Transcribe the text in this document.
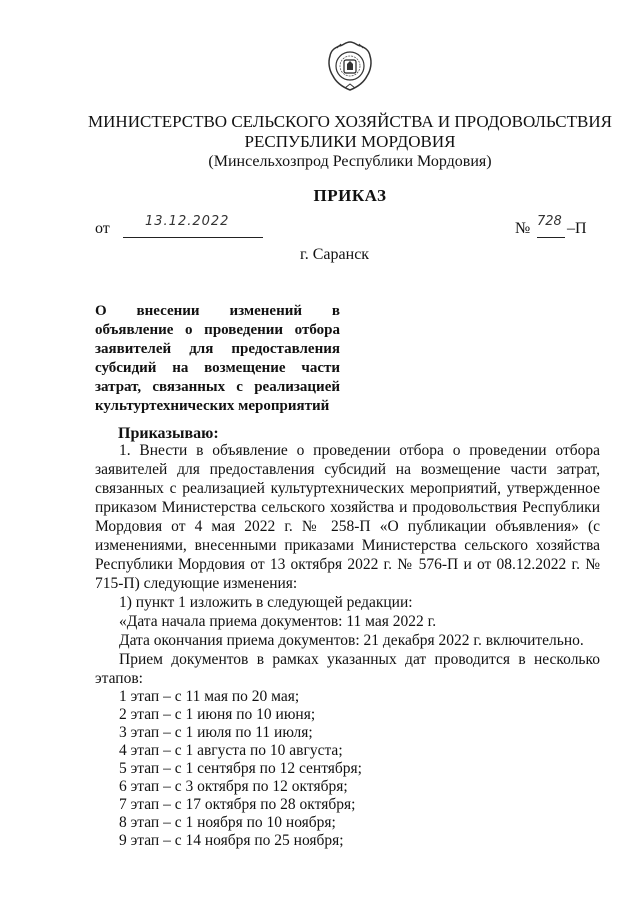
МИНИСТЕРСТВО СЕЛЬСКОГО ХОЗЯЙСТВА И ПРОДОВОЛЬСТВИЯ
РЕСПУБЛИКИ МОРДОВИЯ
(Минсельхозпрод Республики Мордовия)
ПРИКАЗ
от	13.12.2022	№ 728 –П
г. Саранск
О внесении изменений в
объявление о проведении отбора
заявителей для предоставления
субсидий на возмещение части
затрат, связанных с реализацией

культуртехнических мероприятий
Приказываю:

1. Внести в объявление о проведении отбора о проведении отбора заявителей для предоставления субсидий на возмещение части затрат, связанных с реализацией культуртехнических мероприятий, утвержденное приказом Министерства сельского хозяйства и продовольствия Республики Мордовия от 4 мая 2022 г. № 258-П «О публикации объявления» (с изменениями, внесенными приказами Министерства сельского хозяйства Республики Мордовия от 13 октября 2022 г. № 576-П и от 08.12.2022 г. № 715-П) следующие изменения:

1) пункт 1 изложить в следующей редакции:

«Дата начала приема документов: 11 мая 2022 г.

Дата окончания приема документов: 21 декабря 2022 г. включительно.

Прием документов в рамках указанных дат проводится в несколько этапов:

1 этап – с 11 мая по 20 мая;
2 этап – с 1 июня по 10 июня;
3 этап – с 1 июля по 11 июля;
4 этап – с 1 августа по 10 августа;
5 этап – с 1 сентября по 12 сентября;
6 этап – с 3 октября по 12 октября;
7 этап – с 17 октября по 28 октября;
8 этап – с 1 ноября по 10 ноября;
9 этап – с 14 ноября по 25 ноября;
